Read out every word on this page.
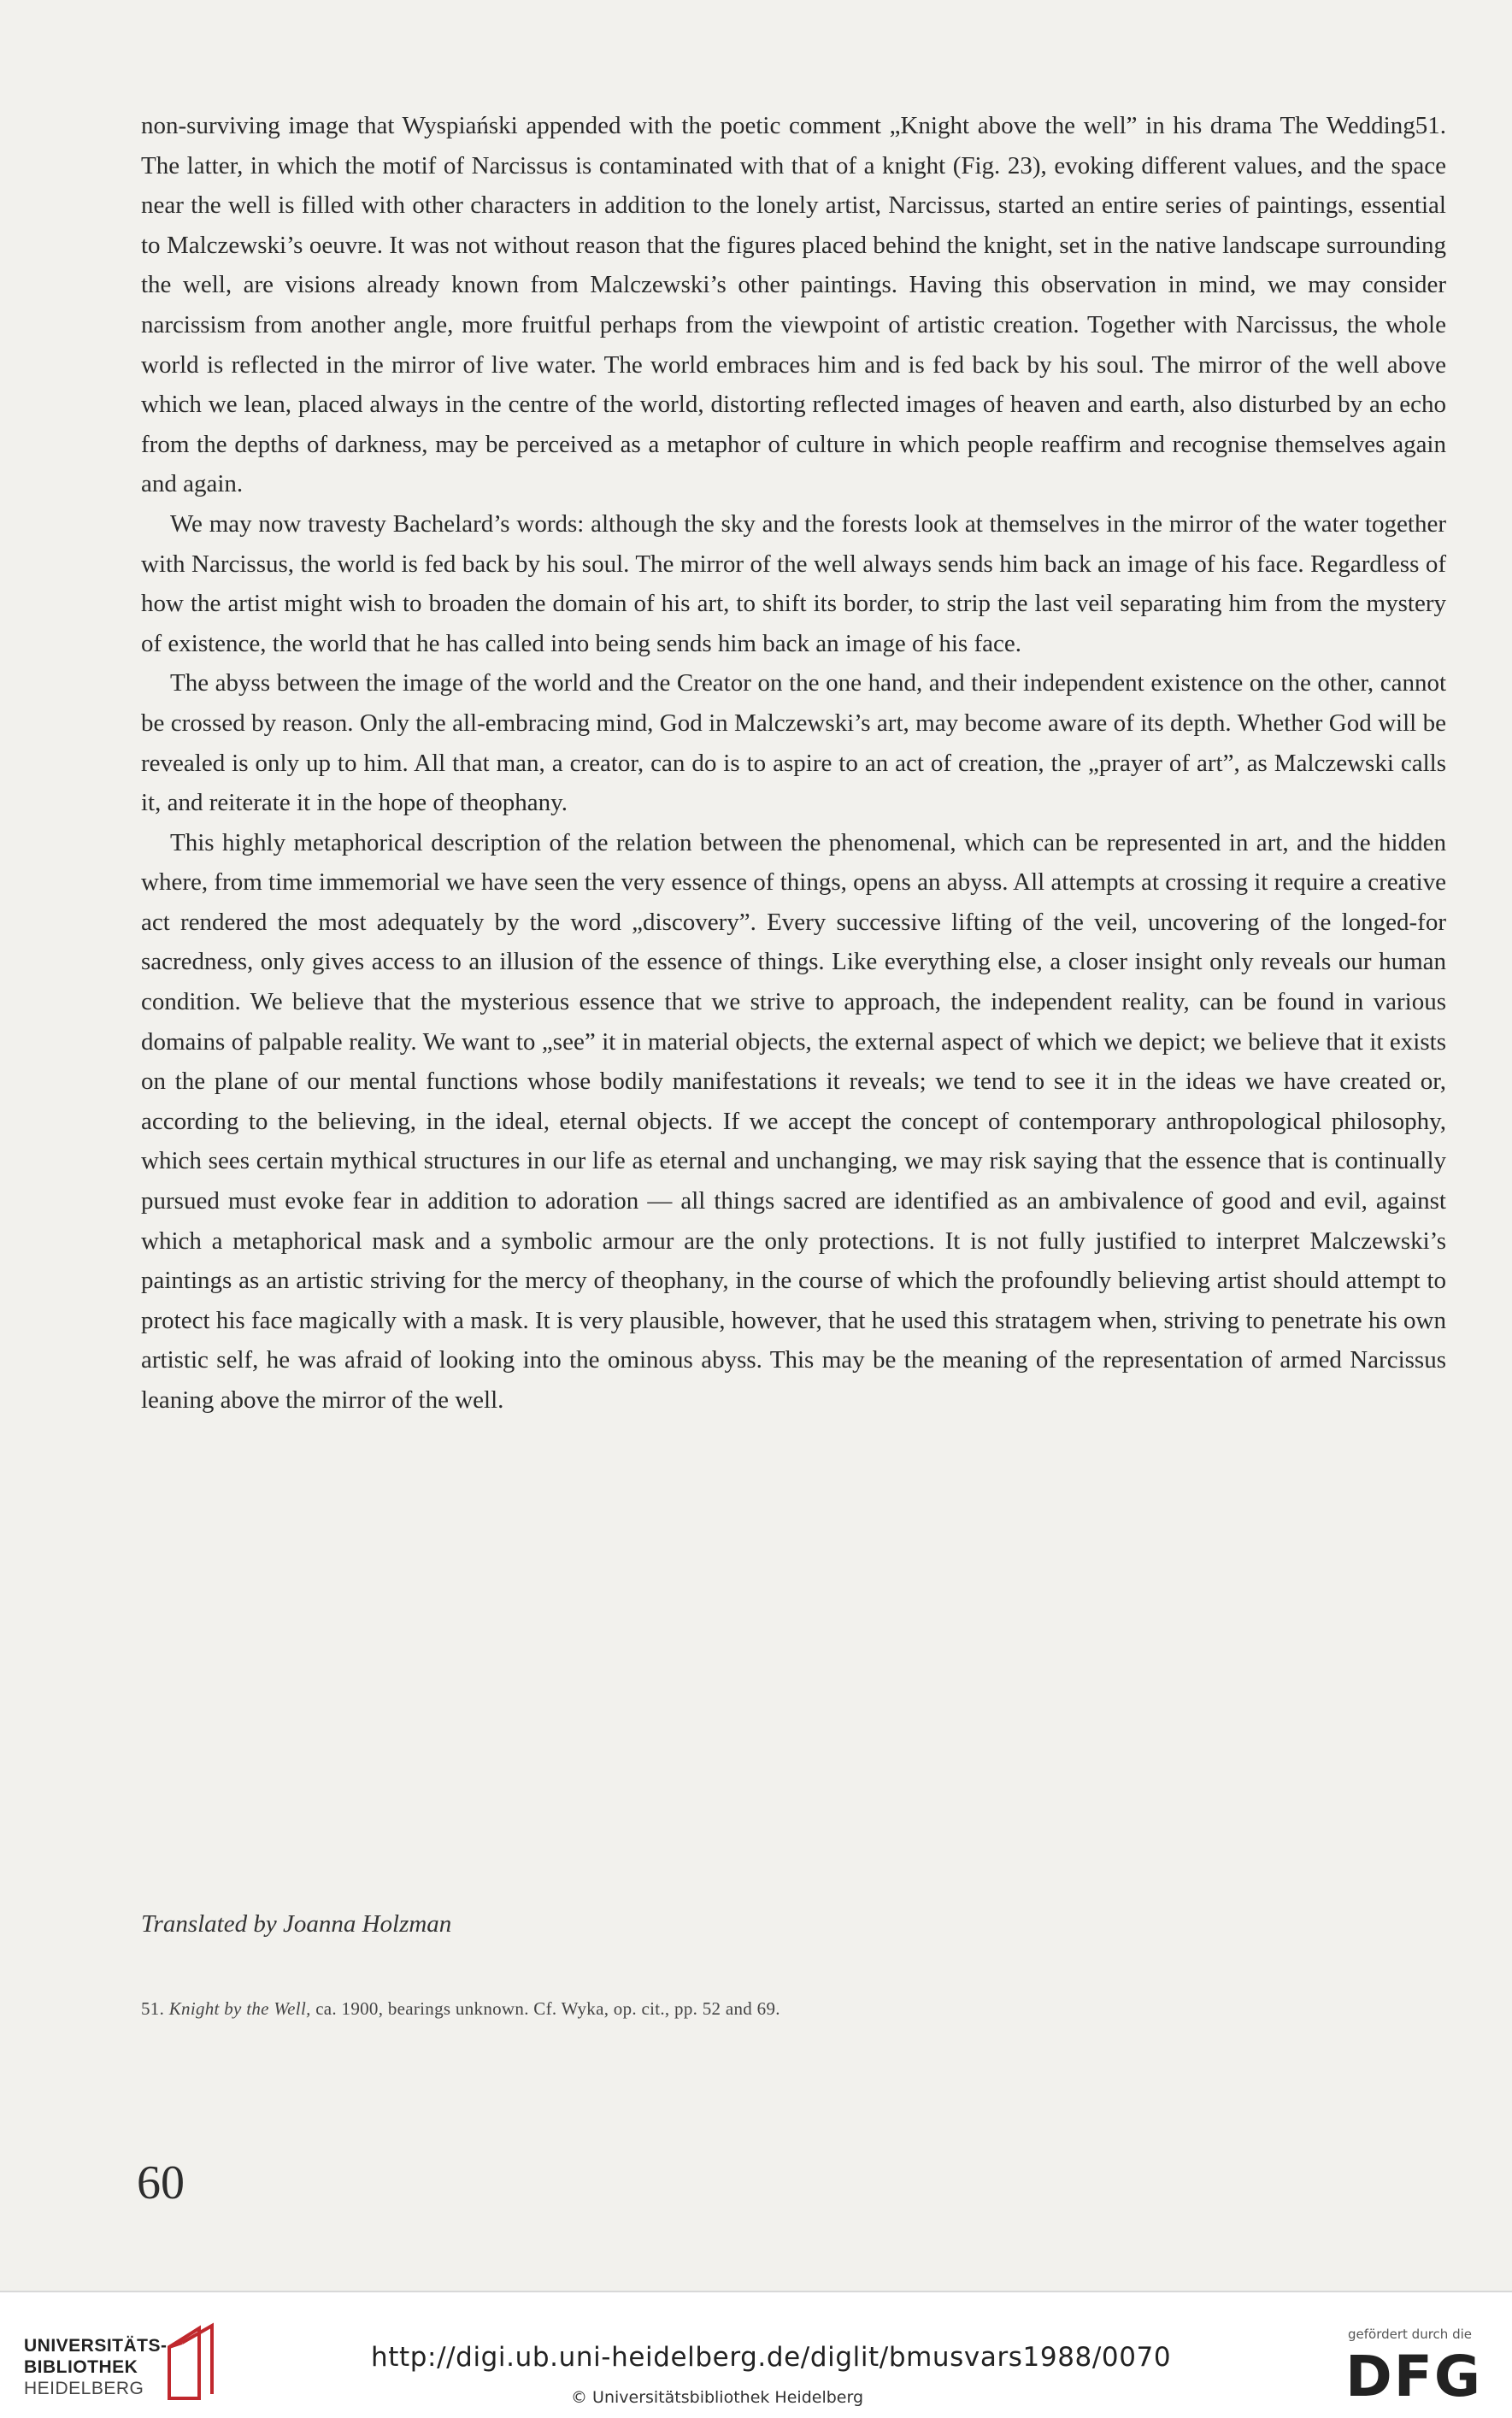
non-surviving image that Wyspiański appended with the poetic comment „Knight above the well” in his drama The Wedding51. The latter, in which the motif of Narcissus is contaminated with that of a knight (Fig. 23), evoking different values, and the space near the well is filled with other characters in addition to the lonely artist, Narcissus, started an entire series of paintings, essential to Malczewski’s oeuvre. It was not without reason that the figures placed behind the knight, set in the native landscape surrounding the well, are visions already known from Malczewski’s other paintings. Having this observation in mind, we may consider narcissism from another angle, more fruitful perhaps from the viewpoint of artistic creation. Together with Narcissus, the whole world is reflected in the mirror of live water. The world embraces him and is fed back by his soul. The mirror of the well above which we lean, placed always in the centre of the world, distorting reflected images of heaven and earth, also disturbed by an echo from the depths of darkness, may be perceived as a metaphor of culture in which people reaffirm and recognise themselves again and again.

We may now travesty Bachelard’s words: although the sky and the forests look at themselves in the mirror of the water together with Narcissus, the world is fed back by his soul. The mirror of the well always sends him back an image of his face. Regardless of how the artist might wish to broaden the domain of his art, to shift its border, to strip the last veil separating him from the mystery of existence, the world that he has called into being sends him back an image of his face.

The abyss between the image of the world and the Creator on the one hand, and their independent existence on the other, cannot be crossed by reason. Only the all-embracing mind, God in Malczewski’s art, may become aware of its depth. Whether God will be revealed is only up to him. All that man, a creator, can do is to aspire to an act of creation, the „prayer of art”, as Malczewski calls it, and reiterate it in the hope of theophany.

This highly metaphorical description of the relation between the phenomenal, which can be represented in art, and the hidden where, from time immemorial we have seen the very essence of things, opens an abyss. All attempts at crossing it require a creative act rendered the most adequately by the word „discovery”. Every successive lifting of the veil, uncovering of the longed-for sacredness, only gives access to an illusion of the essence of things. Like everything else, a closer insight only reveals our human condition. We believe that the mysterious essence that we strive to approach, the independent reality, can be found in various domains of palpable reality. We want to „see” it in material objects, the external aspect of which we depict; we believe that it exists on the plane of our mental functions whose bodily manifestations it reveals; we tend to see it in the ideas we have created or, according to the believing, in the ideal, eternal objects. If we accept the concept of contemporary anthropological philosophy, which sees certain mythical structures in our life as eternal and unchanging, we may risk saying that the essence that is continually pursued must evoke fear in addition to adoration — all things sacred are identified as an ambivalence of good and evil, against which a metaphorical mask and a symbolic armour are the only protections. It is not fully justified to interpret Malczewski’s paintings as an artistic striving for the mercy of theophany, in the course of which the profoundly believing artist should attempt to protect his face magically with a mask. It is very plausible, however, that he used this stratagem when, striving to penetrate his own artistic self, he was afraid of looking into the ominous abyss. This may be the meaning of the representation of armed Narcissus leaning above the mirror of the well.

Translated by Joanna Holzman
51. Knight by the Well, ca. 1900, bearings unknown. Cf. Wyka, op. cit., pp. 52 and 69.
60
UNIVERSITÄTS-
BIBLIOTHEK
HEIDELBERG
http://digi.ub.uni-heidelberg.de/diglit/bmusvars1988/0070
© Universitätsbibliothek Heidelberg
gefördert durch die
DFG
